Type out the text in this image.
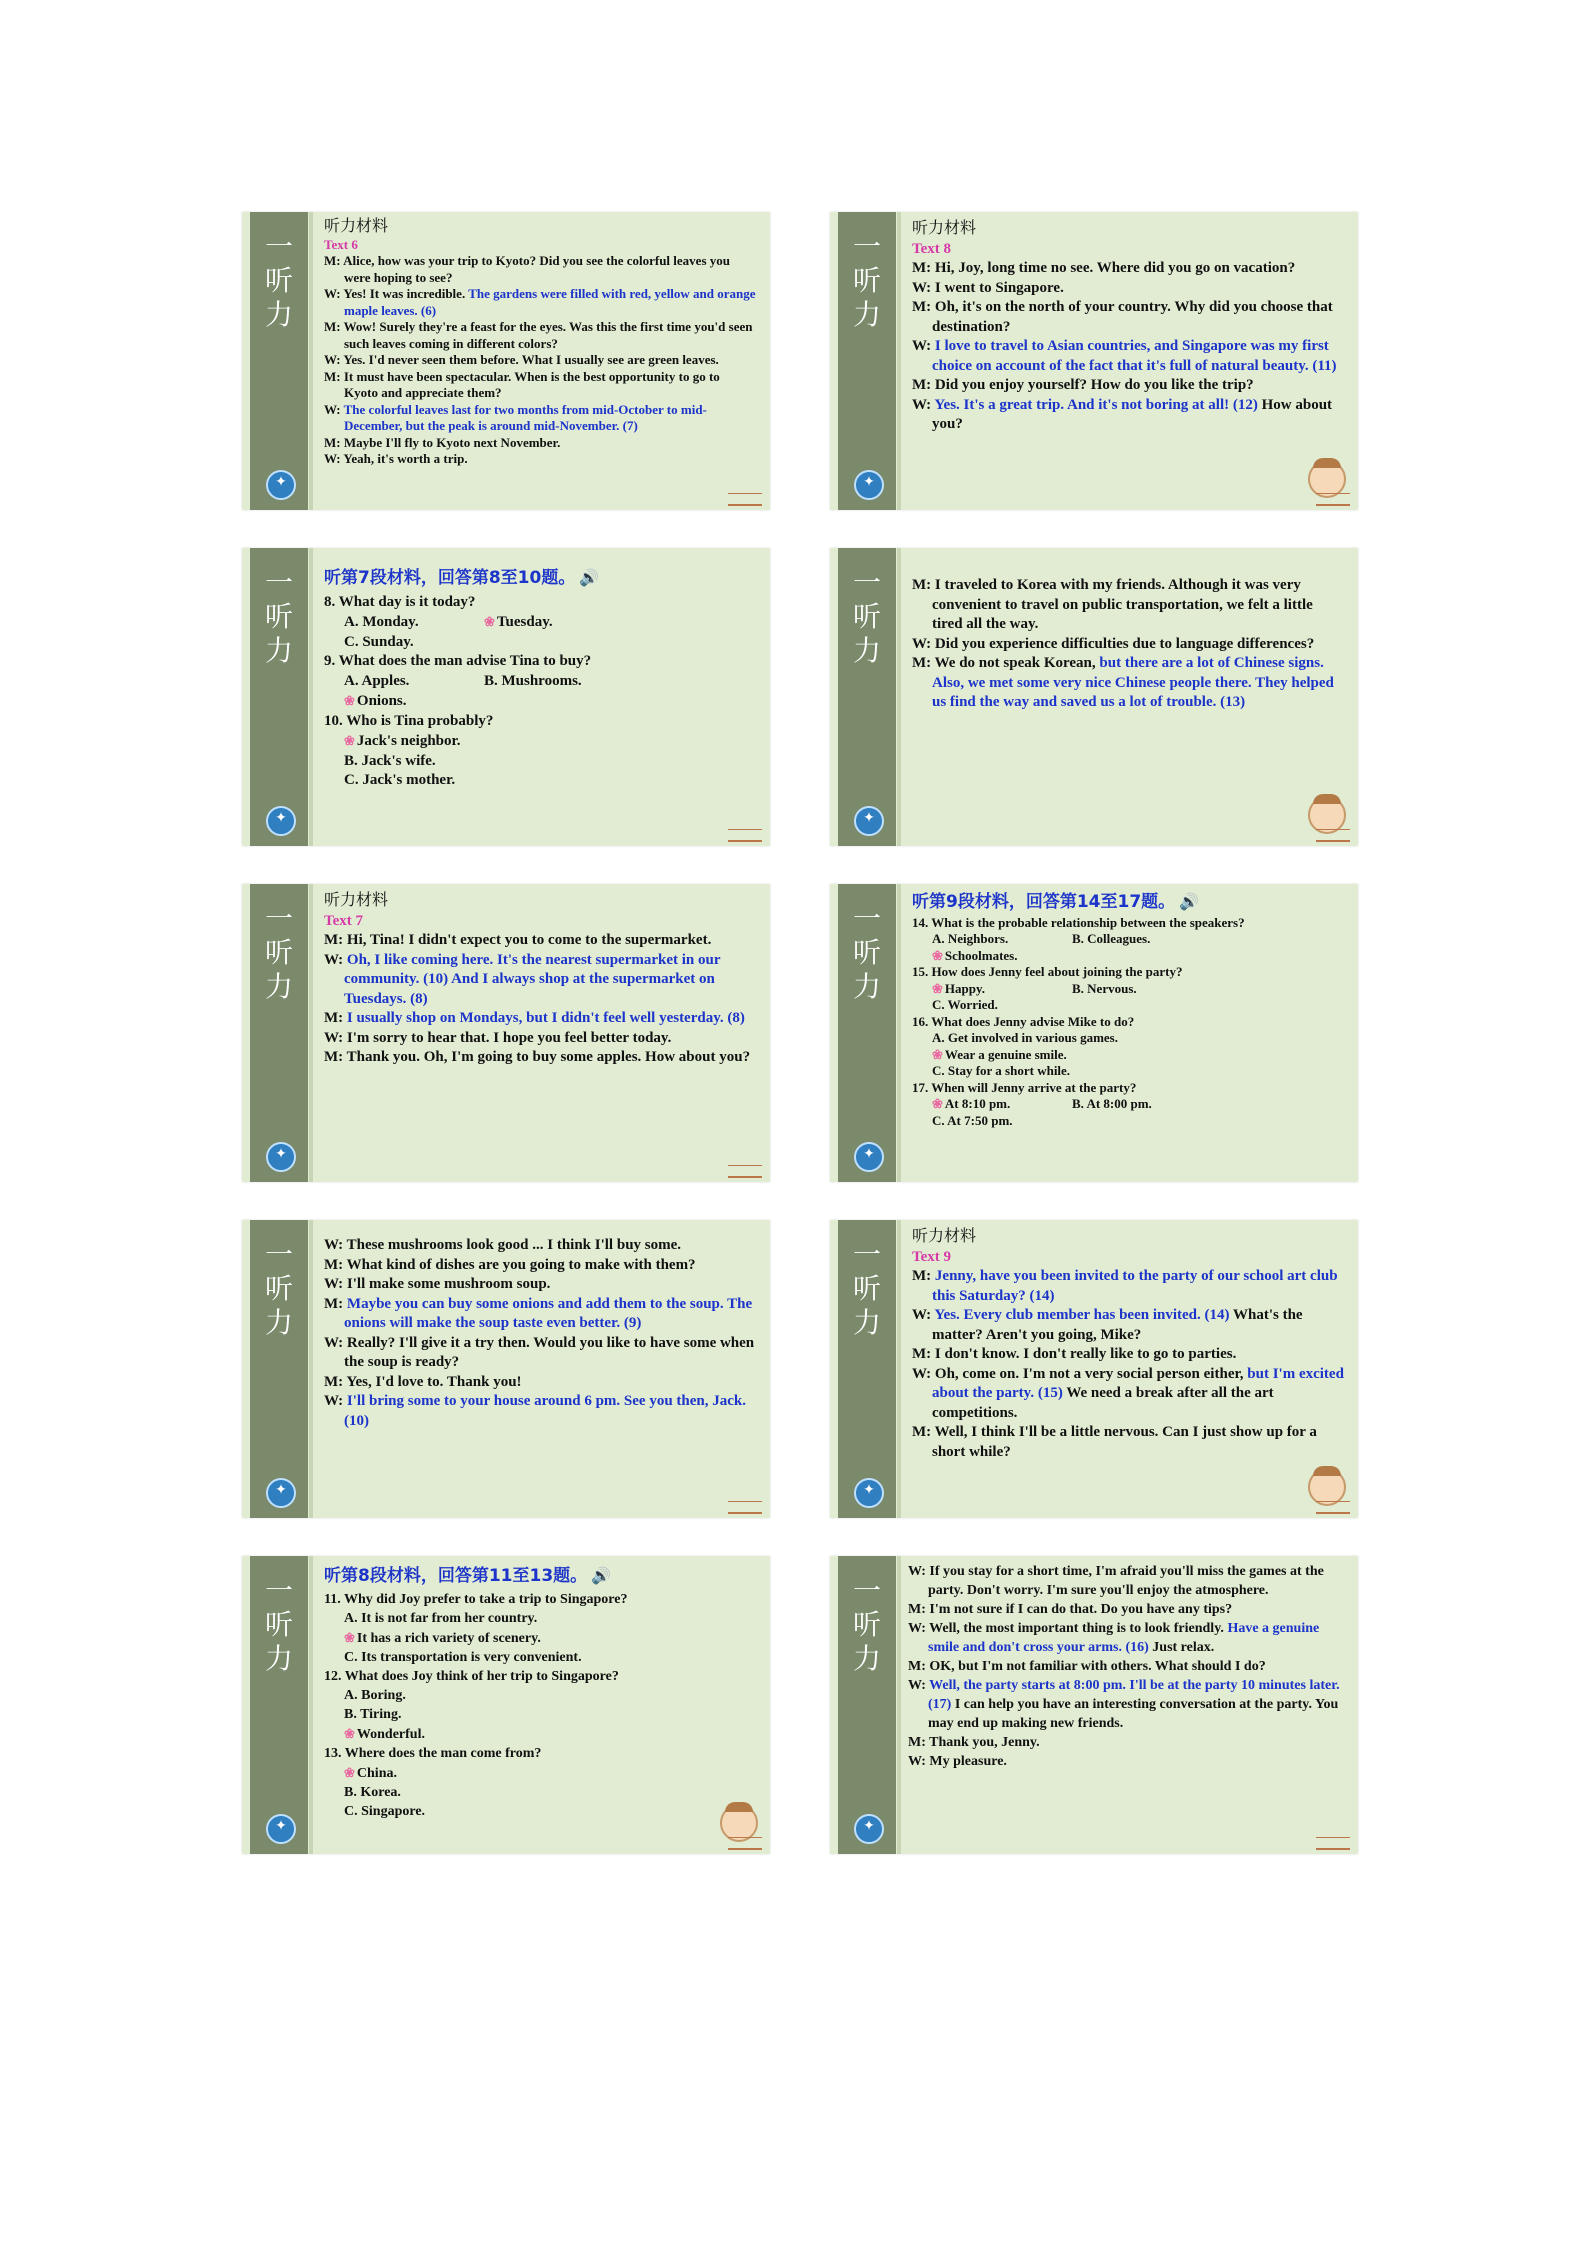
一
听
力
✦
听力材料
Text 6
M: Alice, how was your trip to Kyoto? Did you see the colorful leaves you were hoping to see?
W: Yes! It was incredible. The gardens were filled with red, yellow and orange maple leaves. (6)
M: Wow! Surely they're a feast for the eyes. Was this the first time you'd seen such leaves coming in different colors?
W: Yes. I'd never seen them before. What I usually see are green leaves.
M: It must have been spectacular. When is the best opportunity to go to Kyoto and appreciate them?
W: The colorful leaves last for two months from mid-October to mid-December, but the peak is around mid-November. (7)
M: Maybe I'll fly to Kyoto next November.
W: Yeah, it's worth a trip.
一
听
力
✦
听力材料
Text 8
M: Hi, Joy, long time no see. Where did you go on vacation?
W: I went to Singapore.
M: Oh, it's on the north of your country. Why did you choose that destination?
W: I love to travel to Asian countries, and Singapore was my first choice on account of the fact that it's full of natural beauty. (11)
M: Did you enjoy yourself? How do you like the trip?
W: Yes. It's a great trip. And it's not boring at all! (12) How about you?
一
听
力
✦
听第7段材料，回答第8至10题。 🔊
8. What day is it today?
A. Monday.	❀ Tuesday.
C. Sunday.
9. What does the man advise Tina to buy?
A. Apples.	B. Mushrooms.
❀ Onions.
10. Who is Tina probably?
❀ Jack's neighbor.
B. Jack's wife.
C. Jack's mother.
一
听
力
✦
M: I traveled to Korea with my friends. Although it was very convenient to travel on public transportation, we felt a little tired all the way.
W: Did you experience difficulties due to language differences?
M: We do not speak Korean, but there are a lot of Chinese signs. Also, we met some very nice Chinese people there. They helped us find the way and saved us a lot of trouble. (13)
一
听
力
✦
听力材料
Text 7
M: Hi, Tina! I didn't expect you to come to the supermarket.
W: Oh, I like coming here. It's the nearest supermarket in our community. (10) And I always shop at the supermarket on Tuesdays. (8)
M: I usually shop on Mondays, but I didn't feel well yesterday. (8)
W: I'm sorry to hear that. I hope you feel better today.
M: Thank you. Oh, I'm going to buy some apples. How about you?
一
听
力
✦
听第9段材料，回答第14至17题。 🔊
14. What is the probable relationship between the speakers?
A. Neighbors.	B. Colleagues.
❀ Schoolmates.
15. How does Jenny feel about joining the party?
❀ Happy.	B. Nervous.
C. Worried.
16. What does Jenny advise Mike to do?
A. Get involved in various games.
❀ Wear a genuine smile.
C. Stay for a short while.
17. When will Jenny arrive at the party?
❀ At 8:10 pm.	B. At 8:00 pm.
C. At 7:50 pm.
一
听
力
✦
W: These mushrooms look good ... I think I'll buy some.
M: What kind of dishes are you going to make with them?
W: I'll make some mushroom soup.
M: Maybe you can buy some onions and add them to the soup. The onions will make the soup taste even better. (9)
W: Really? I'll give it a try then. Would you like to have some when the soup is ready?
M: Yes, I'd love to. Thank you!
W: I'll bring some to your house around 6 pm. See you then, Jack. (10)
一
听
力
✦
听力材料
Text 9
M: Jenny, have you been invited to the party of our school art club this Saturday? (14)
W: Yes. Every club member has been invited. (14) What's the matter? Aren't you going, Mike?
M: I don't know. I don't really like to go to parties.
W: Oh, come on. I'm not a very social person either, but I'm excited about the party. (15) We need a break after all the art competitions.
M: Well, I think I'll be a little nervous. Can I just show up for a short while?
一
听
力
✦
听第8段材料，回答第11至13题。 🔊
11. Why did Joy prefer to take a trip to Singapore?
A. It is not far from her country.
❀ It has a rich variety of scenery.
C. Its transportation is very convenient.
12. What does Joy think of her trip to Singapore?
A. Boring.
B. Tiring.
❀ Wonderful.
13. Where does the man come from?
❀ China.
B. Korea.
C. Singapore.
一
听
力
✦
W: If you stay for a short time, I'm afraid you'll miss the games at the party. Don't worry. I'm sure you'll enjoy the atmosphere.
M: I'm not sure if I can do that. Do you have any tips?
W: Well, the most important thing is to look friendly. Have a genuine smile and don't cross your arms. (16) Just relax.
M: OK, but I'm not familiar with others. What should I do?
W: Well, the party starts at 8:00 pm. I'll be at the party 10 minutes later. (17) I can help you have an interesting conversation at the party. You may end up making new friends.
M: Thank you, Jenny.
W: My pleasure.
